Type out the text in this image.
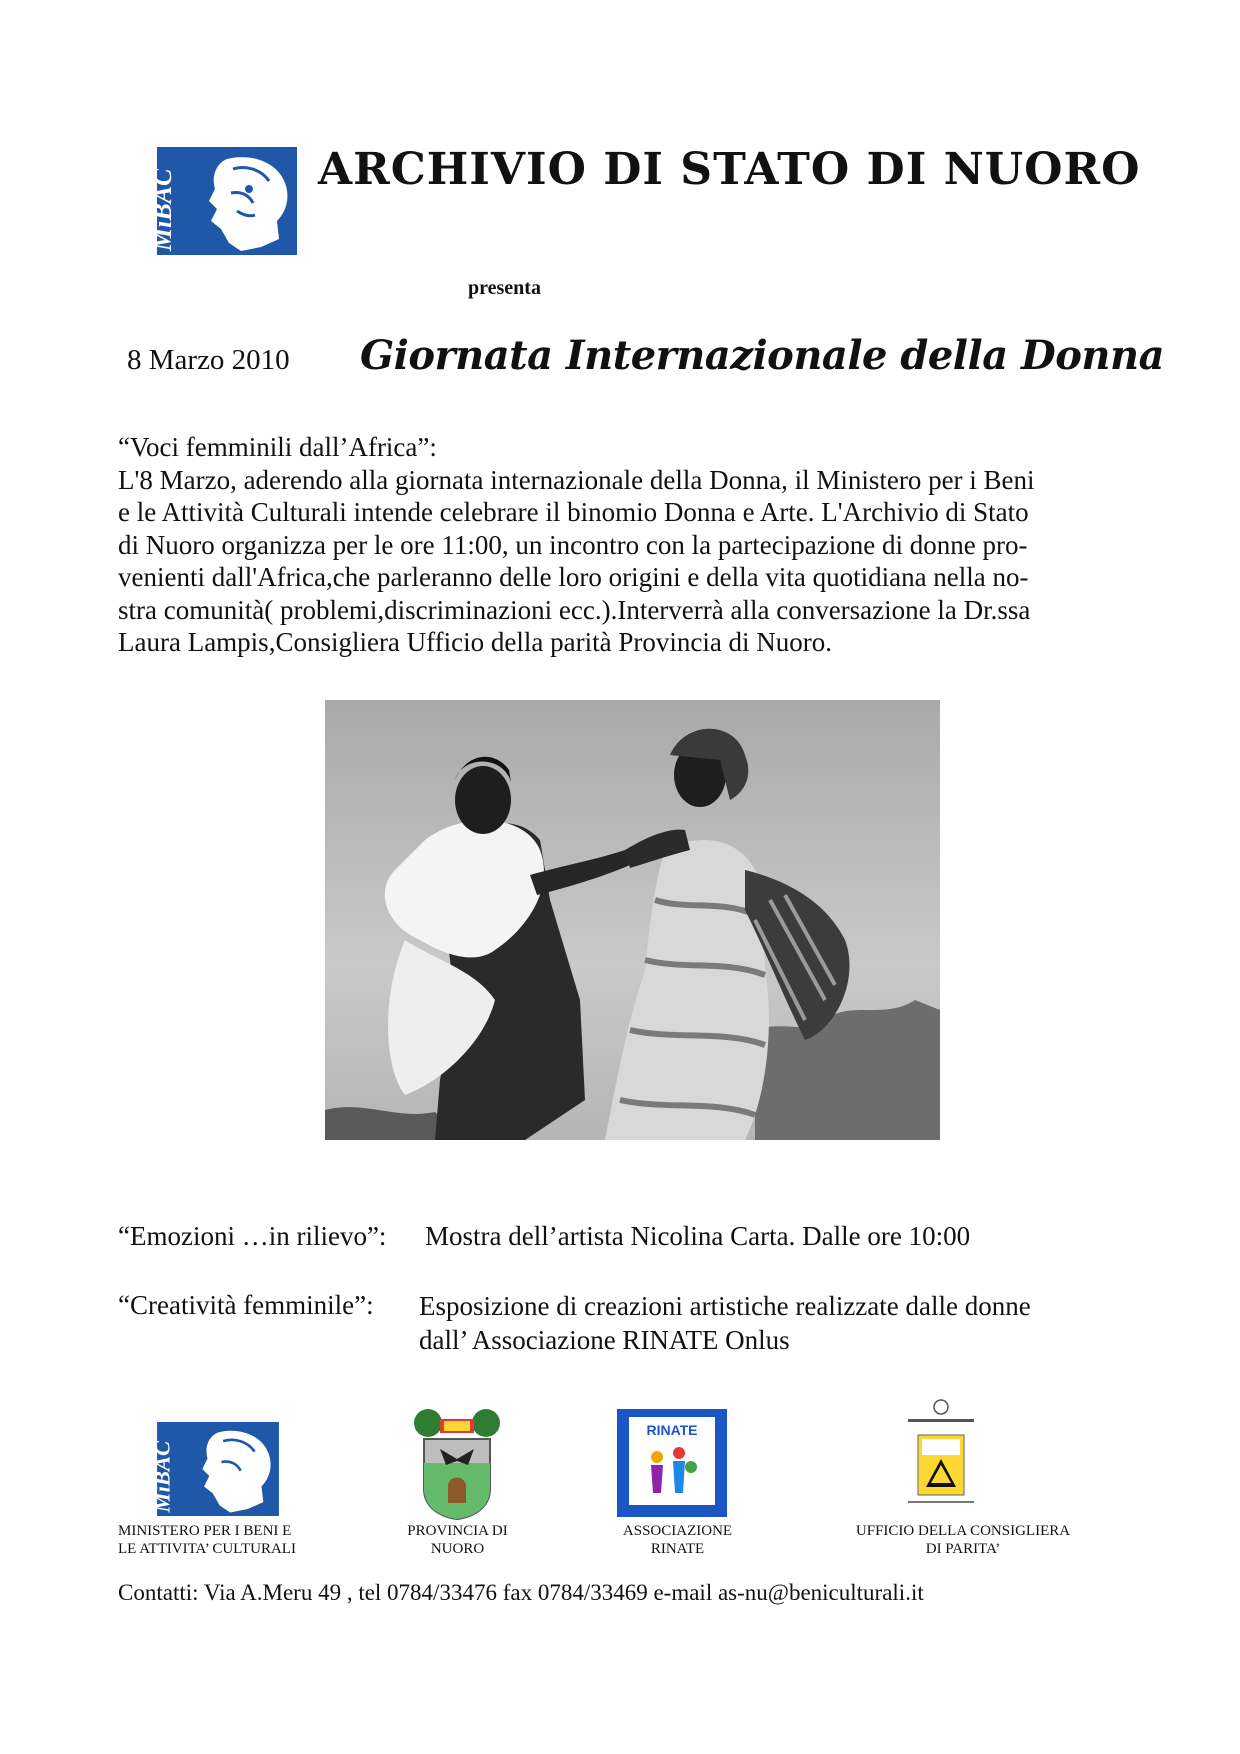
MiBAC	ARCHIVIO DI STATO DI NUORO
presenta
8 Marzo 2010 Giornata Internazionale della Donna
“Voci femminili dall’Africa”:
L'8 Marzo, aderendo alla giornata internazionale della Donna, il Ministero per i Beni
e le Attività Culturali intende celebrare il binomio Donna e Arte. L'Archivio di Stato
di Nuoro organizza per le ore 11:00, un incontro con la partecipazione di donne pro-
venienti dall'Africa,che parleranno delle loro origini e della vita quotidiana nella no-
stra comunità( problemi,discriminazioni ecc.).Interverrà alla conversazione la Dr.ssa
Laura Lampis,Consigliera Ufficio della parità Provincia di Nuoro.
“Emozioni …in rilievo”: Mostra dell’artista Nicolina Carta. Dalle ore 10:00
“Creatività femminile”: Esposizione di creazioni artistiche realizzate dalle donne
dall’ Associazione RINATE Onlus
MiBAC
RINATE
MINISTERO PER I BENI E
LE ATTIVITA’ CULTURALI
PROVINCIA DI
NUORO
ASSOCIAZIONE
RINATE
UFFICIO DELLA CONSIGLIERA
DI PARITA’
Contatti: Via A.Meru 49 , tel 0784/33476 fax 0784/33469 e-mail as-nu@beniculturali.it
